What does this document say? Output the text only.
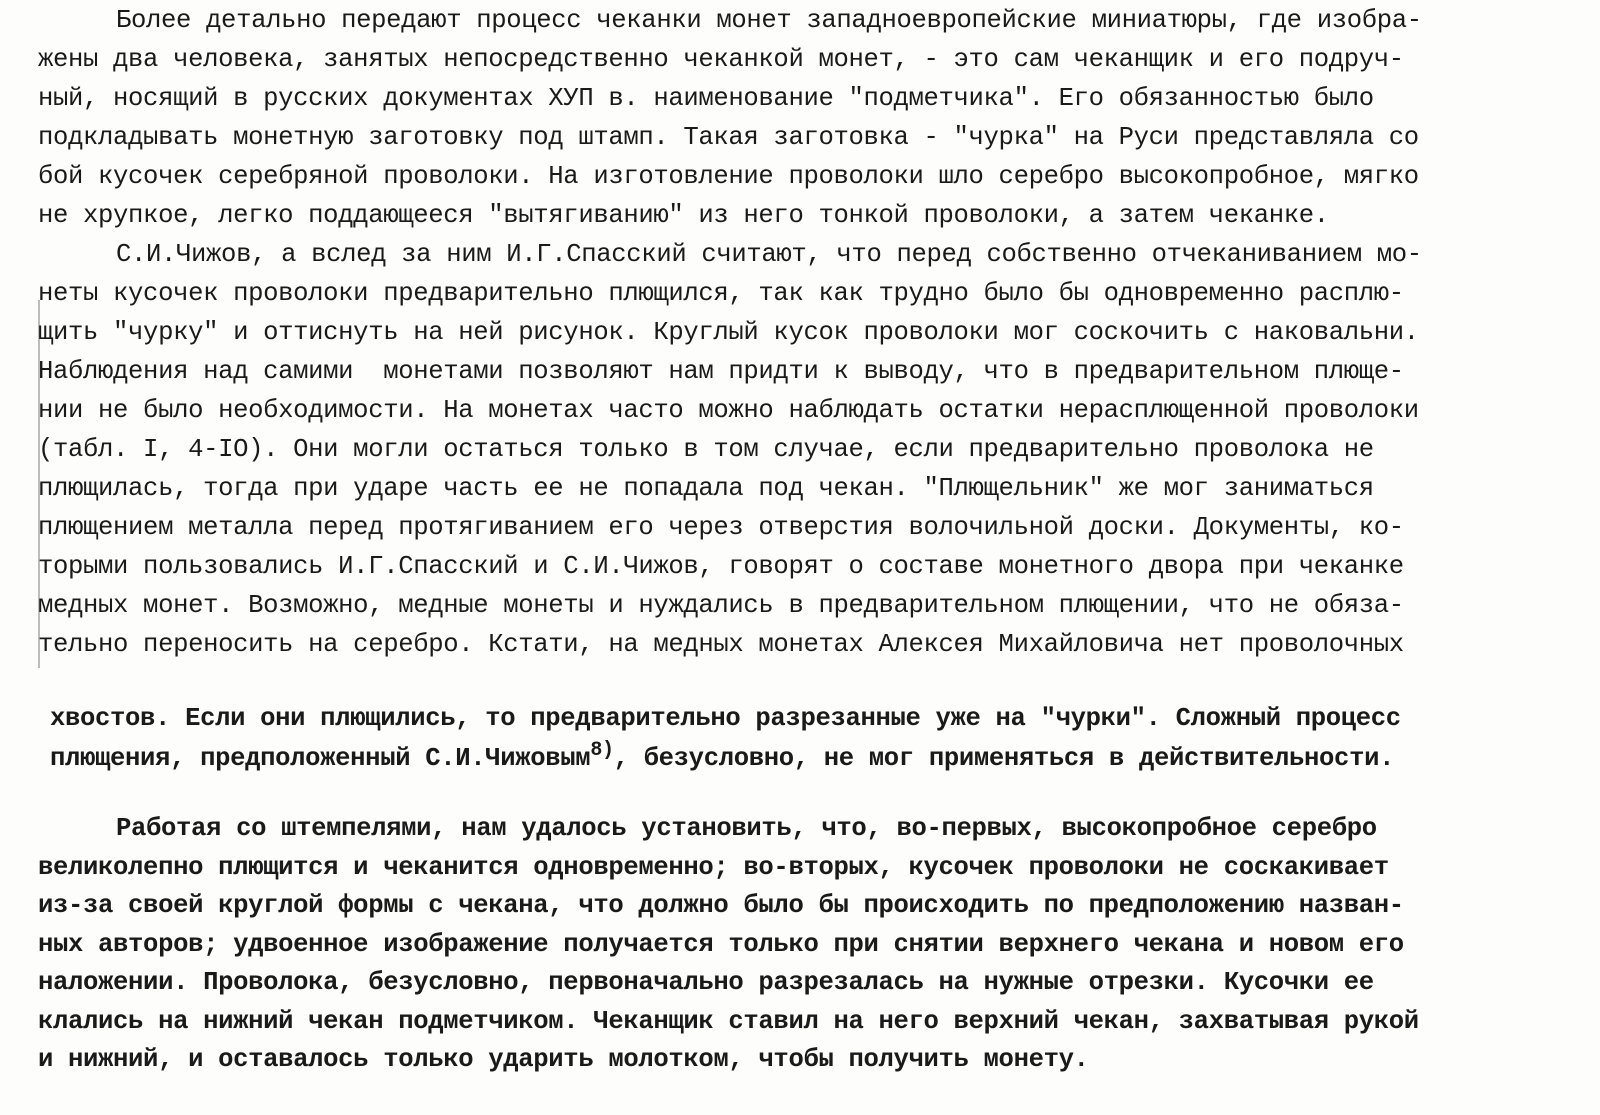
Более детально передают процесс чеканки монет западноевропейские миниатюры, где изобра-
жены два человека, занятых непосредственно чеканкой монет, - это сам чеканщик и его подруч-
ный, носящий в русских документах ХУП в. наименование "подметчика". Его обязанностью было
подкладывать монетную заготовку под штамп. Такая заготовка - "чурка" на Руси представляла со
бой кусочек серебряной проволоки. На изготовление проволоки шло серебро высокопробное, мягко
не хрупкое, легко поддающееся "вытягиванию" из него тонкой проволоки, а затем чеканке.
С.И.Чижов, а вслед за ним И.Г.Спасский считают, что перед собственно отчеканиванием мо-
неты кусочек проволоки предварительно плющился, так как трудно было бы одновременно расплю-
щить "чурку" и оттиснуть на ней рисунок. Круглый кусок проволоки мог соскочить с наковальни.
Наблюдения над самими  монетами позволяют нам придти к выводу, что в предварительном плюще-
нии не было необходимости. На монетах часто можно наблюдать остатки нерасплющенной проволоки
(табл. I, 4-IO). Они могли остаться только в том случае, если предварительно проволока не
плющилась, тогда при ударе часть ее не попадала под чекан. "Плющельник" же мог заниматься
плющением металла перед протягиванием его через отверстия волочильной доски. Документы, ко-
торыми пользовались И.Г.Спасский и С.И.Чижов, говорят о составе монетного двора при чеканке
медных монет. Возможно, медные монеты и нуждались в предварительном плющении, что не обяза-
тельно переносить на серебро. Кстати, на медных монетах Алексея Михайловича нет проволочных
хвостов. Если они плющились, то предварительно разрезанные уже на "чурки". Сложный процесс
плющения, предположенный С.И.Чижовым$^{8)}$, безусловно, не мог применяться в действительности.
Работая со штемпелями, нам удалось установить, что, во-первых, высокопробное серебро
великолепно плющится и чеканится одновременно; во-вторых, кусочек проволоки не соскакивает
из-за своей круглой формы с чекана, что должно было бы происходить по предположению назван-
ных авторов; удвоенное изображение получается только при снятии верхнего чекана и новом его
наложении. Проволока, безусловно, первоначально разрезалась на нужные отрезки. Кусочки ее
клались на нижний чекан подметчиком. Чеканщик ставил на него верхний чекан, захватывая рукой
и нижний, и оставалось только ударить молотком, чтобы получить монету.
